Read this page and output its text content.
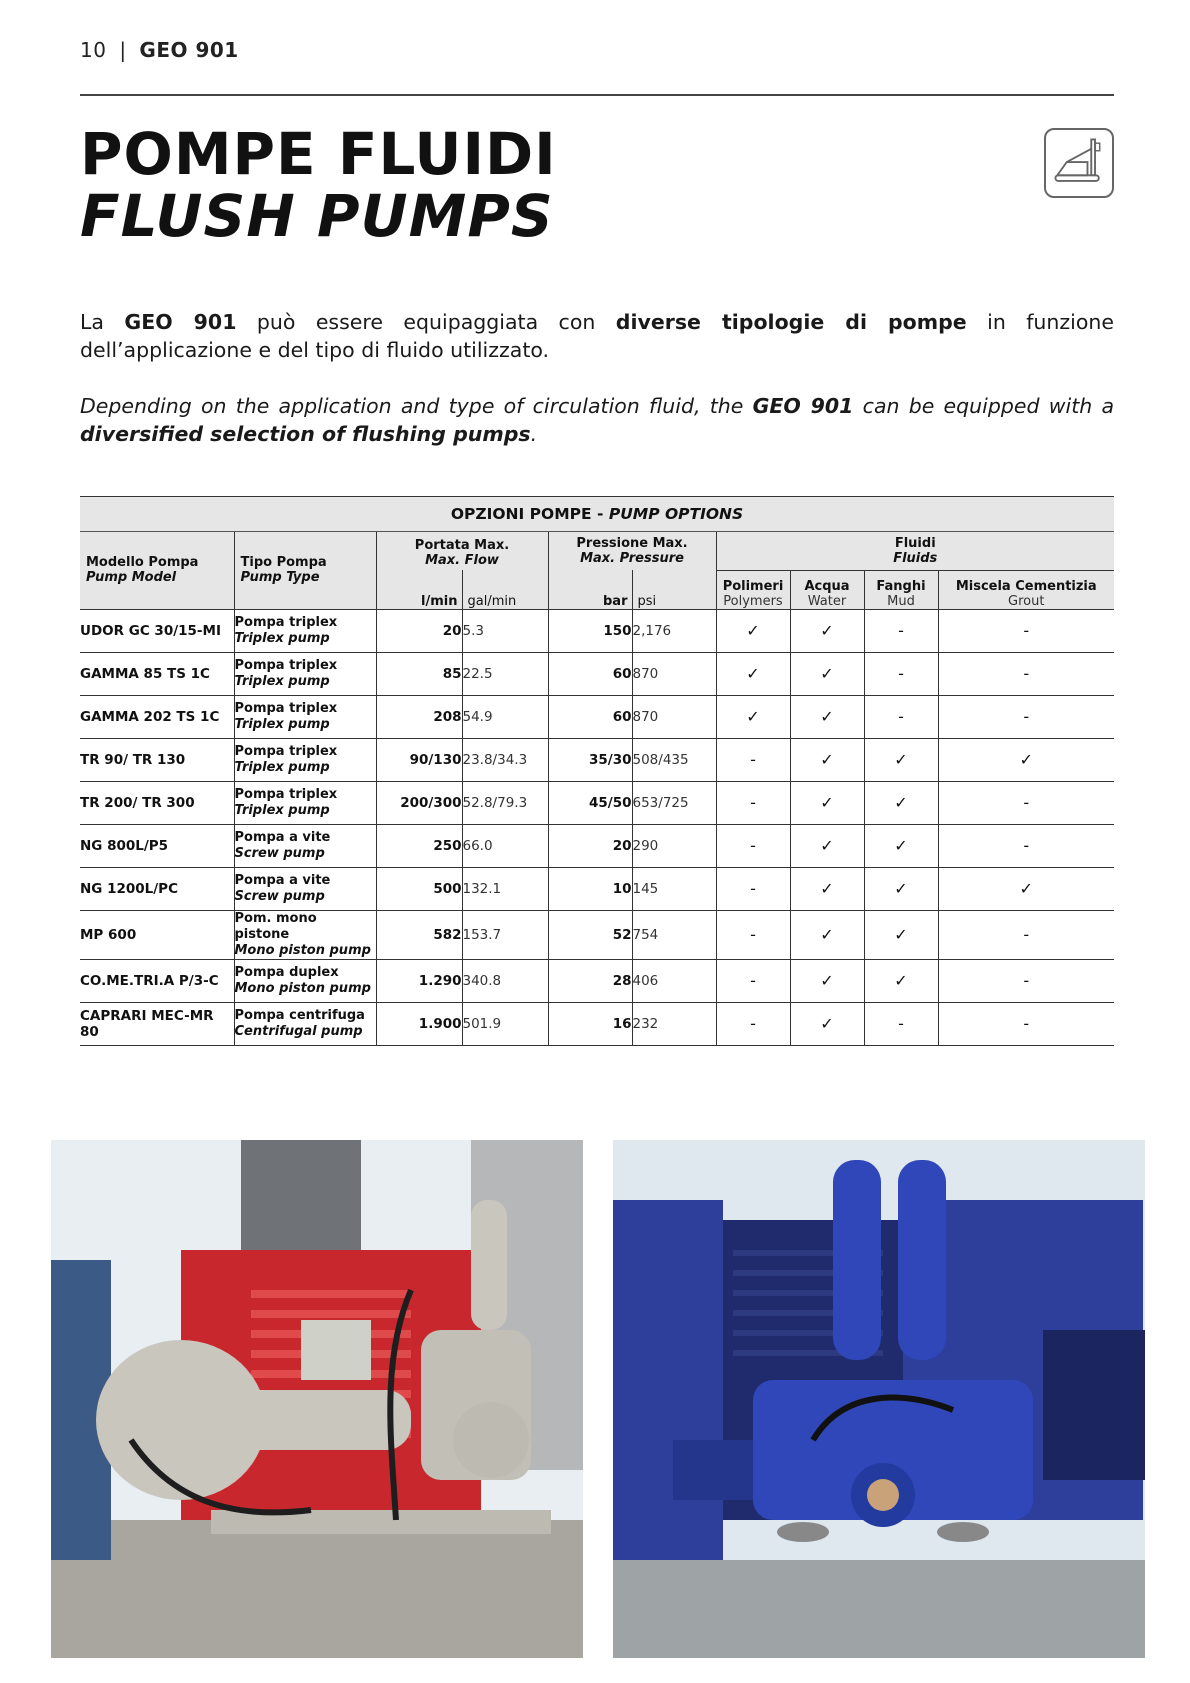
10 | GEO 901
POMPE FLUIDI
FLUSH PUMPS
La GEO 901 può essere equipaggiata con diverse tipologie di pompe in funzione dell’applicazione e del tipo di fluido utilizzato.
Depending on the application and type of circulation fluid, the GEO 901 can be equipped with a diversified selection of flushing pumps.
OPZIONI POMPE - PUMP OPTIONS									
Modello Pompa
Pump Model	Tipo Pompa
Pump Type	Portata Max.
Max. Flow		Pressione Max.
Max. Pressure		Fluidi
Fluids			

		l/min	gal/min	bar	psi	Polimeri
Polymers	Acqua
Water	Fanghi
Mud	Miscela Cementizia
Grout

UDOR GC 30/15-MI	Pompa triplex
Triplex pump	20	5.3	150	2,176	✓	✓	-	-
GAMMA 85 TS 1C	Pompa triplex
Triplex pump	85	22.5	60	870	✓	✓	-	-
GAMMA 202 TS 1C	Pompa triplex
Triplex pump	208	54.9	60	870	✓	✓	-	-
TR 90/ TR 130	Pompa triplex
Triplex pump	90/130	23.8/34.3	35/30	508/435	-	✓	✓	✓
TR 200/ TR 300	Pompa triplex
Triplex pump	200/300	52.8/79.3	45/50	653/725	-	✓	✓	-
NG 800L/P5	Pompa a vite
Screw pump	250	66.0	20	290	-	✓	✓	-
NG 1200L/PC	Pompa a vite
Screw pump	500	132.1	10	145	-	✓	✓	✓
MP 600	Pom. mono pistone
Mono piston pump	582	153.7	52	754	-	✓	✓	-
CO.ME.TRI.A P/3-C	Pompa duplex
Mono piston pump	1.290	340.8	28	406	-	✓	✓	-
CAPRARI MEC-MR 80	Pompa centrifuga
Centrifugal pump	1.900	501.9	16	232	-	✓	-	-
